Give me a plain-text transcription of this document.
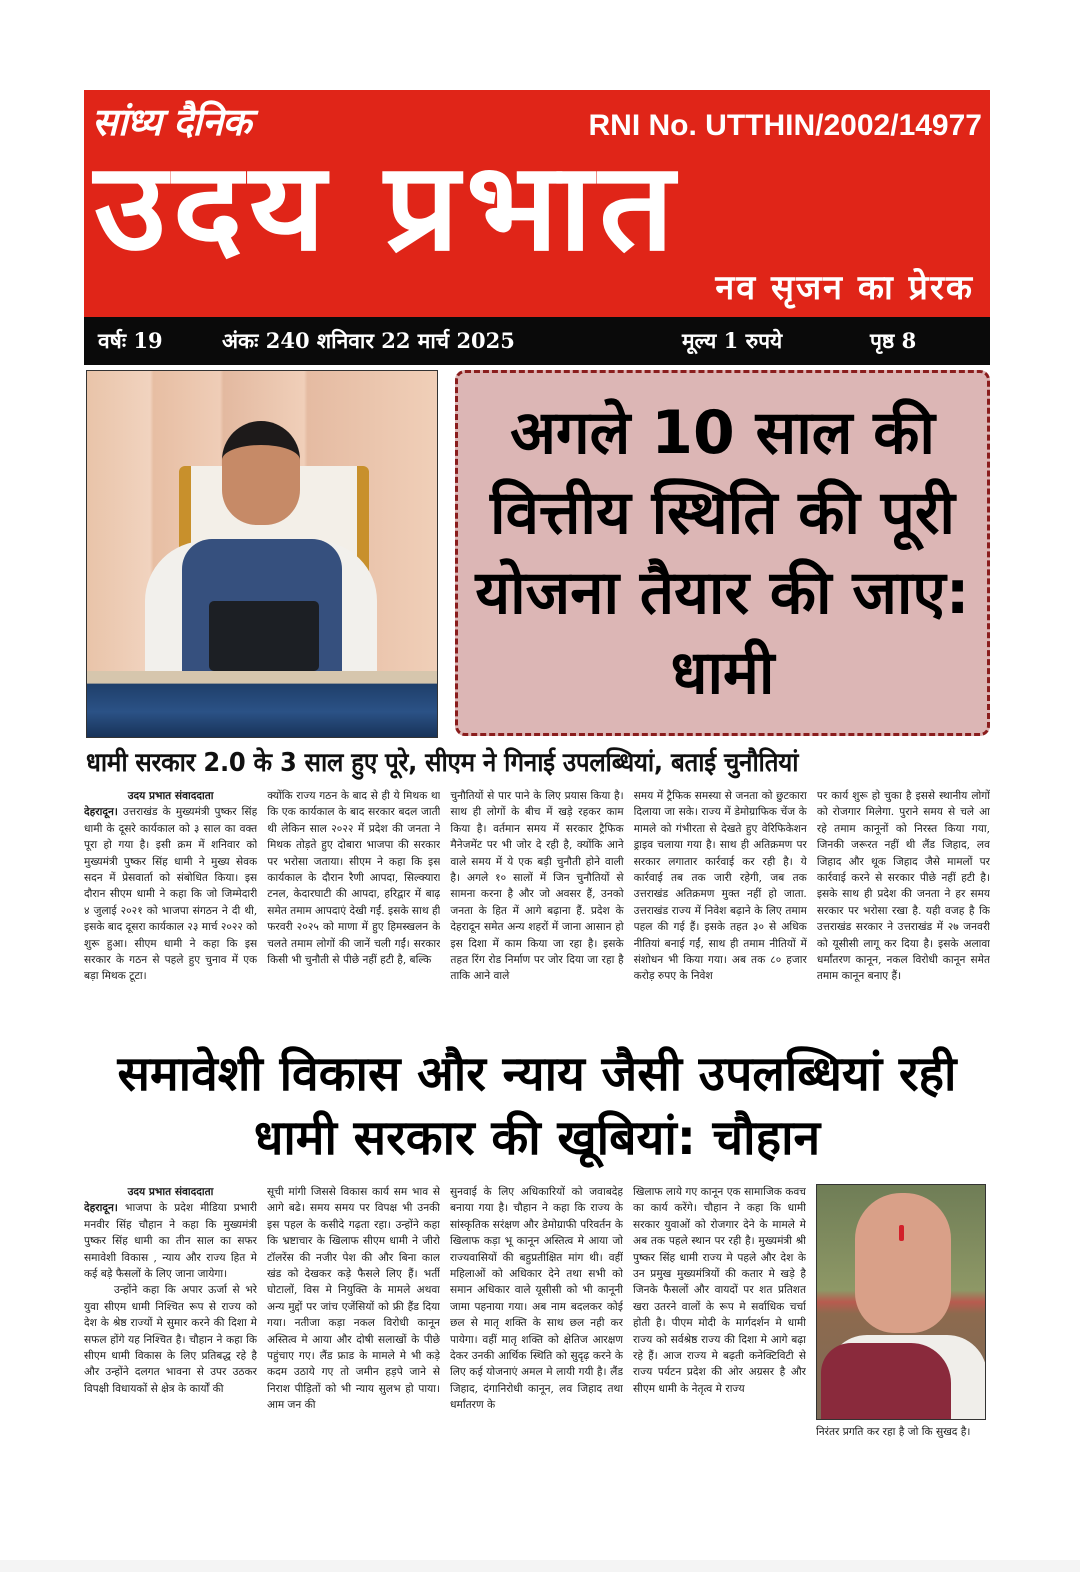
सांध्य दैनिक	RNI No. UTTHIN/2002/14977
उदय प्रभात
नव सृजन का प्रेरक
वर्षः 19	अंकः 240 शनिवार 22 मार्च 2025	मूल्य 1 रुपये	पृष्ठ 8
अगले 10 साल की वित्तीय स्थिति की पूरी योजना तैयार की जाए: धामी
धामी सरकार 2.0 के 3 साल हुए पूरे, सीएम ने गिनाई उपलब्धियां, बताई चुनौतियां
उदय प्रभात संवाददाता
देहरादून। उत्तराखंड के मुख्यमंत्री पुष्कर सिंह धामी के दूसरे कार्यकाल को ३ साल का वक्त पूरा हो गया है। इसी क्रम में शनिवार को मुख्यमंत्री पुष्कर सिंह धामी ने मुख्य सेवक सदन में प्रेसवार्ता को संबोधित किया। इस दौरान सीएम धामी ने कहा कि जो जिम्मेदारी ४ जुलाई २०२१ को भाजपा संगठन ने दी थी, इसके बाद दूसरा कार्यकाल २३ मार्च २०२२ को शुरू हुआ। सीएम धामी ने कहा कि इस सरकार के गठन से पहले हुए चुनाव में एक बड़ा मिथक टूटा।
क्योंकि राज्य गठन के बाद से ही ये मिथक था कि एक कार्यकाल के बाद सरकार बदल जाती थी लेकिन साल २०२२ में प्रदेश की जनता ने मिथक तोड़ते हुए दोबारा भाजपा की सरकार पर भरोसा जताया। सीएम ने कहा कि इस कार्यकाल के दौरान रैणी आपदा, सिल्क्यारा टनल, केदारघाटी की आपदा, हरिद्वार में बाढ़ समेत तमाम आपदाएं देखी गईं. इसके साथ ही फरवरी २०२५ को माणा में हुए हिमस्खलन के चलते तमाम लोगों की जानें चली गईं। सरकार किसी भी चुनौती से पीछे नहीं हटी है, बल्कि
चुनौतियों से पार पाने के लिए प्रयास किया है। साथ ही लोगों के बीच में खड़े रहकर काम किया है। वर्तमान समय में सरकार ट्रैफिक मैनेजमेंट पर भी जोर दे रही है, क्योंकि आने वाले समय में ये एक बड़ी चुनौती होने वाली है। अगले १० सालों में जिन चुनौतियों से सामना करना है और जो अवसर हैं, उनको जनता के हित में आगे बढ़ाना हैं. प्रदेश के देहरादून समेत अन्य शहरों में जाना आसान हो इस दिशा में काम किया जा रहा है। इसके तहत रिंग रोड निर्माण पर जोर दिया जा रहा है ताकि आने वाले
समय में ट्रैफिक समस्या से जनता को छुटकारा दिलाया जा सके। राज्य में डेमोग्राफिक चेंज के मामले को गंभीरता से देखते हुए वेरिफिकेशन ड्राइव चलाया गया है। साथ ही अतिक्रमण पर सरकार लगातार कार्रवाई कर रही है। ये कार्रवाई तब तक जारी रहेगी, जब तक उत्तराखंड अतिक्रमण मुक्त नहीं हो जाता. उत्तराखंड राज्य में निवेश बढ़ाने के लिए तमाम पहल की गई हैं। इसके तहत ३० से अधिक नीतियां बनाई गईं, साथ ही तमाम नीतियों में संशोधन भी किया गया। अब तक ८० हजार करोड़ रुपए के निवेश
पर कार्य शुरू हो चुका है इससे स्थानीय लोगों को रोजगार मिलेगा. पुराने समय से चले आ रहे तमाम कानूनों को निरस्त किया गया, जिनकी जरूरत नहीं थी लैंड जिहाद, लव जिहाद और थूक जिहाद जैसे मामलों पर कार्रवाई करने से सरकार पीछे नहीं हटी है। इसके साथ ही प्रदेश की जनता ने हर समय सरकार पर भरोसा रखा है. यही वजह है कि उत्तराखंड सरकार ने उत्तराखंड में २७ जनवरी को यूसीसी लागू कर दिया है। इसके अलावा धर्मांतरण कानून, नकल विरोधी कानून समेत तमाम कानून बनाए हैं।
समावेशी विकास और न्याय जैसी उपलब्धियां रही धामी सरकार की खूबियां: चौहान
उदय प्रभात संवाददाता
देहरादून। भाजपा के प्रदेश मीडिया प्रभारी मनवीर सिंह चौहान ने कहा कि मुख्यमंत्री पुष्कर सिंह धामी का तीन साल का सफर समावेशी विकास , न्याय और राज्य हित मे कई बड़े फैसलों के लिए जाना जायेगा।
उन्होंने कहा कि अपार ऊर्जा से भरे युवा सीएम धामी निश्चित रूप से राज्य को देश के श्रेष्ठ राज्यों मे सुमार करने की दिशा मे सफल होंगे यह निश्चित है। चौहान ने कहा कि सीएम धामी विकास के लिए प्रतिबद्ध रहे है और उन्होंने दलगत भावना से उपर उठकर विपक्षी विधायकों से क्षेत्र के कार्यों की
सूची मांगी जिससे विकास कार्य सम भाव से आगे बढे। समय समय पर विपक्ष भी उनकी इस पहल के कसीदे गढ़ता रहा। उन्होंने कहा कि भ्रष्टाचार के खिलाफ सीएम धामी ने जीरो टॉलरेंस की नजीर पेश की और बिना काल खंड को देखकर कड़े फैसले लिए हैं। भर्ती घोटालों, विस मे नियुक्ति के मामले अथवा अन्य मुद्दों पर जांच एजेंसियों को फ्री हैंड दिया गया। नतीजा कड़ा नकल विरोधी कानून अस्तित्व मे आया और दोषी सलाखों के पीछे पहुंचाए गए। लैंड फ्राड के मामले मे भी कड़े कदम उठाये गए तो जमीन हड़पे जाने से निराश पीड़ितों को भी न्याय सुलभ हो पाया। आम जन की
सुनवाई के लिए अधिकारियों को जवाबदेह बनाया गया है। चौहान ने कहा कि राज्य के सांस्कृतिक सरंक्षण और डेमोग्राफी परिवर्तन के खिलाफ कड़ा भू कानून अस्तित्व मे आया जो राज्यवासियों की बहुप्रतीक्षित मांग थी। वहीं महिलाओं को अधिकार देने तथा सभी को समान अधिकार वाले यूसीसी को भी कानूनी जामा पहनाया गया। अब नाम बदलकर कोई छल से मातृ शक्ति के साथ छल नही कर पायेगा। वहीं मातृ शक्ति को क्षेतिज आरक्षण देकर उनकी आर्थिक स्थिति को सुदृढ़ करने के लिए कई योजनाएं अमल मे लायी गयी है। लैंड जिहाद, दंगानिरोधी कानून, लव जिहाद तथा धर्मांतरण के
खिलाफ लाये गए कानून एक सामाजिक कवच का कार्य करेंगे। चौहान ने कहा कि धामी सरकार युवाओं को रोजगार देने के मामले मे अब तक पहले स्थान पर रही है। मुख्यमंत्री श्री पुष्कर सिंह धामी राज्य मे पहले और देश के उन प्रमुख मुख्यमंत्रियों की कतार मे खड़े है जिनके फैसलों और वायदों पर शत प्रतिशत खरा उतरने वालों के रूप मे सर्वाधिक चर्चा होती है। पीएम मोदी के मार्गदर्शन मे धामी राज्य को सर्वश्रेष्ठ राज्य की दिशा मे आगे बढ़ा रहे हैं। आज राज्य मे बढ़ती कनेक्टिविटी से राज्य पर्यटन प्रदेश की ओर अग्रसर है और सीएम धामी के नेतृत्व मे राज्य
निरंतर प्रगति कर रहा है जो कि सुखद है।
